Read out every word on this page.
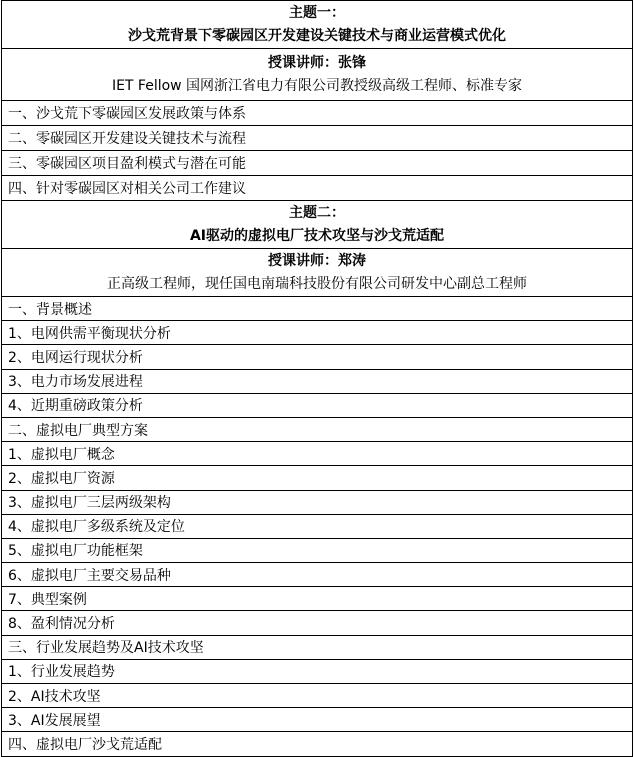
主题一：
沙戈荒背景下零碳园区开发建设关键技术与商业运营模式优化

授课讲师：张锋
IET Fellow 国网浙江省电力有限公司教授级高级工程师、标准专家

一、沙戈荒下零碳园区发展政策与体系
二、零碳园区开发建设关键技术与流程
三、零碳园区项目盈利模式与潜在可能
四、针对零碳园区对相关公司工作建议

主题二：
AI驱动的虚拟电厂技术攻坚与沙戈荒适配

授课讲师：郑涛
正高级工程师，现任国电南瑞科技股份有限公司研发中心副总工程师

一、背景概述
1、电网供需平衡现状分析
2、电网运行现状分析
3、电力市场发展进程
4、近期重磅政策分析
二、虚拟电厂典型方案
1、虚拟电厂概念
2、虚拟电厂资源
3、虚拟电厂三层两级架构
4、虚拟电厂多级系统及定位
5、虚拟电厂功能框架
6、虚拟电厂主要交易品种
7、典型案例
8、盈利情况分析
三、行业发展趋势及AI技术攻坚
1、行业发展趋势
2、AI技术攻坚
3、AI发展展望
四、虚拟电厂沙戈荒适配
